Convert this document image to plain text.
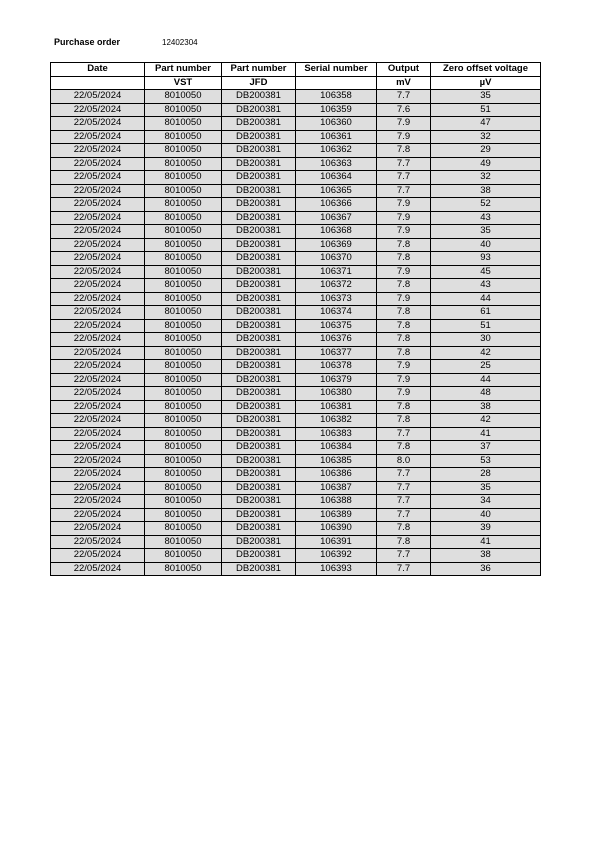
Purchase order	12402304
Date	Part number	Part number	Serial number	Output	Zero offset voltage
	VST	JFD		mV	µV
22/05/2024	8010050	DB200381	106358	7.7	35
22/05/2024	8010050	DB200381	106359	7.6	51
22/05/2024	8010050	DB200381	106360	7.9	47
22/05/2024	8010050	DB200381	106361	7.9	32
22/05/2024	8010050	DB200381	106362	7.8	29
22/05/2024	8010050	DB200381	106363	7.7	49
22/05/2024	8010050	DB200381	106364	7.7	32
22/05/2024	8010050	DB200381	106365	7.7	38
22/05/2024	8010050	DB200381	106366	7.9	52
22/05/2024	8010050	DB200381	106367	7.9	43
22/05/2024	8010050	DB200381	106368	7.9	35
22/05/2024	8010050	DB200381	106369	7.8	40
22/05/2024	8010050	DB200381	106370	7.8	93
22/05/2024	8010050	DB200381	106371	7.9	45
22/05/2024	8010050	DB200381	106372	7.8	43
22/05/2024	8010050	DB200381	106373	7.9	44
22/05/2024	8010050	DB200381	106374	7.8	61
22/05/2024	8010050	DB200381	106375	7.8	51
22/05/2024	8010050	DB200381	106376	7.8	30
22/05/2024	8010050	DB200381	106377	7.8	42
22/05/2024	8010050	DB200381	106378	7.9	25
22/05/2024	8010050	DB200381	106379	7.9	44
22/05/2024	8010050	DB200381	106380	7.9	48
22/05/2024	8010050	DB200381	106381	7.8	38
22/05/2024	8010050	DB200381	106382	7.8	42
22/05/2024	8010050	DB200381	106383	7.7	41
22/05/2024	8010050	DB200381	106384	7.8	37
22/05/2024	8010050	DB200381	106385	8.0	53
22/05/2024	8010050	DB200381	106386	7.7	28
22/05/2024	8010050	DB200381	106387	7.7	35
22/05/2024	8010050	DB200381	106388	7.7	34
22/05/2024	8010050	DB200381	106389	7.7	40
22/05/2024	8010050	DB200381	106390	7.8	39
22/05/2024	8010050	DB200381	106391	7.8	41
22/05/2024	8010050	DB200381	106392	7.7	38
22/05/2024	8010050	DB200381	106393	7.7	36
